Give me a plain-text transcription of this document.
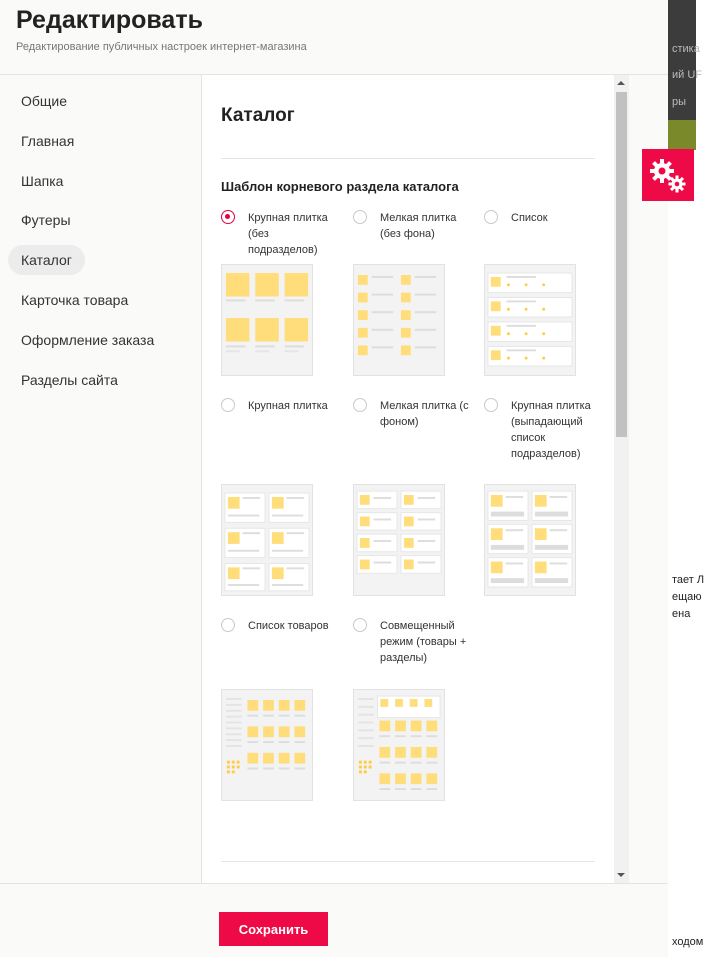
стика
ий UF
ры
тает Л
ещаю
ена
ходом
Редактировать
Редактирование публичных настроек интернет-магазина
Общие
Главная
Шапка
Футеры
Каталог
Карточка товара
Оформление заказа
Разделы сайта
Каталог
Шаблон корневого раздела каталога
Крупная плитка (без подразделов)
Мелкая плитка (без фона)
Список
Крупная плитка	Мелкая плитка (с фоном)
Крупная плитка (выпадающий список подразделов)
Список товаров	Совмещенный режим (товары + разделы)
Сохранить
